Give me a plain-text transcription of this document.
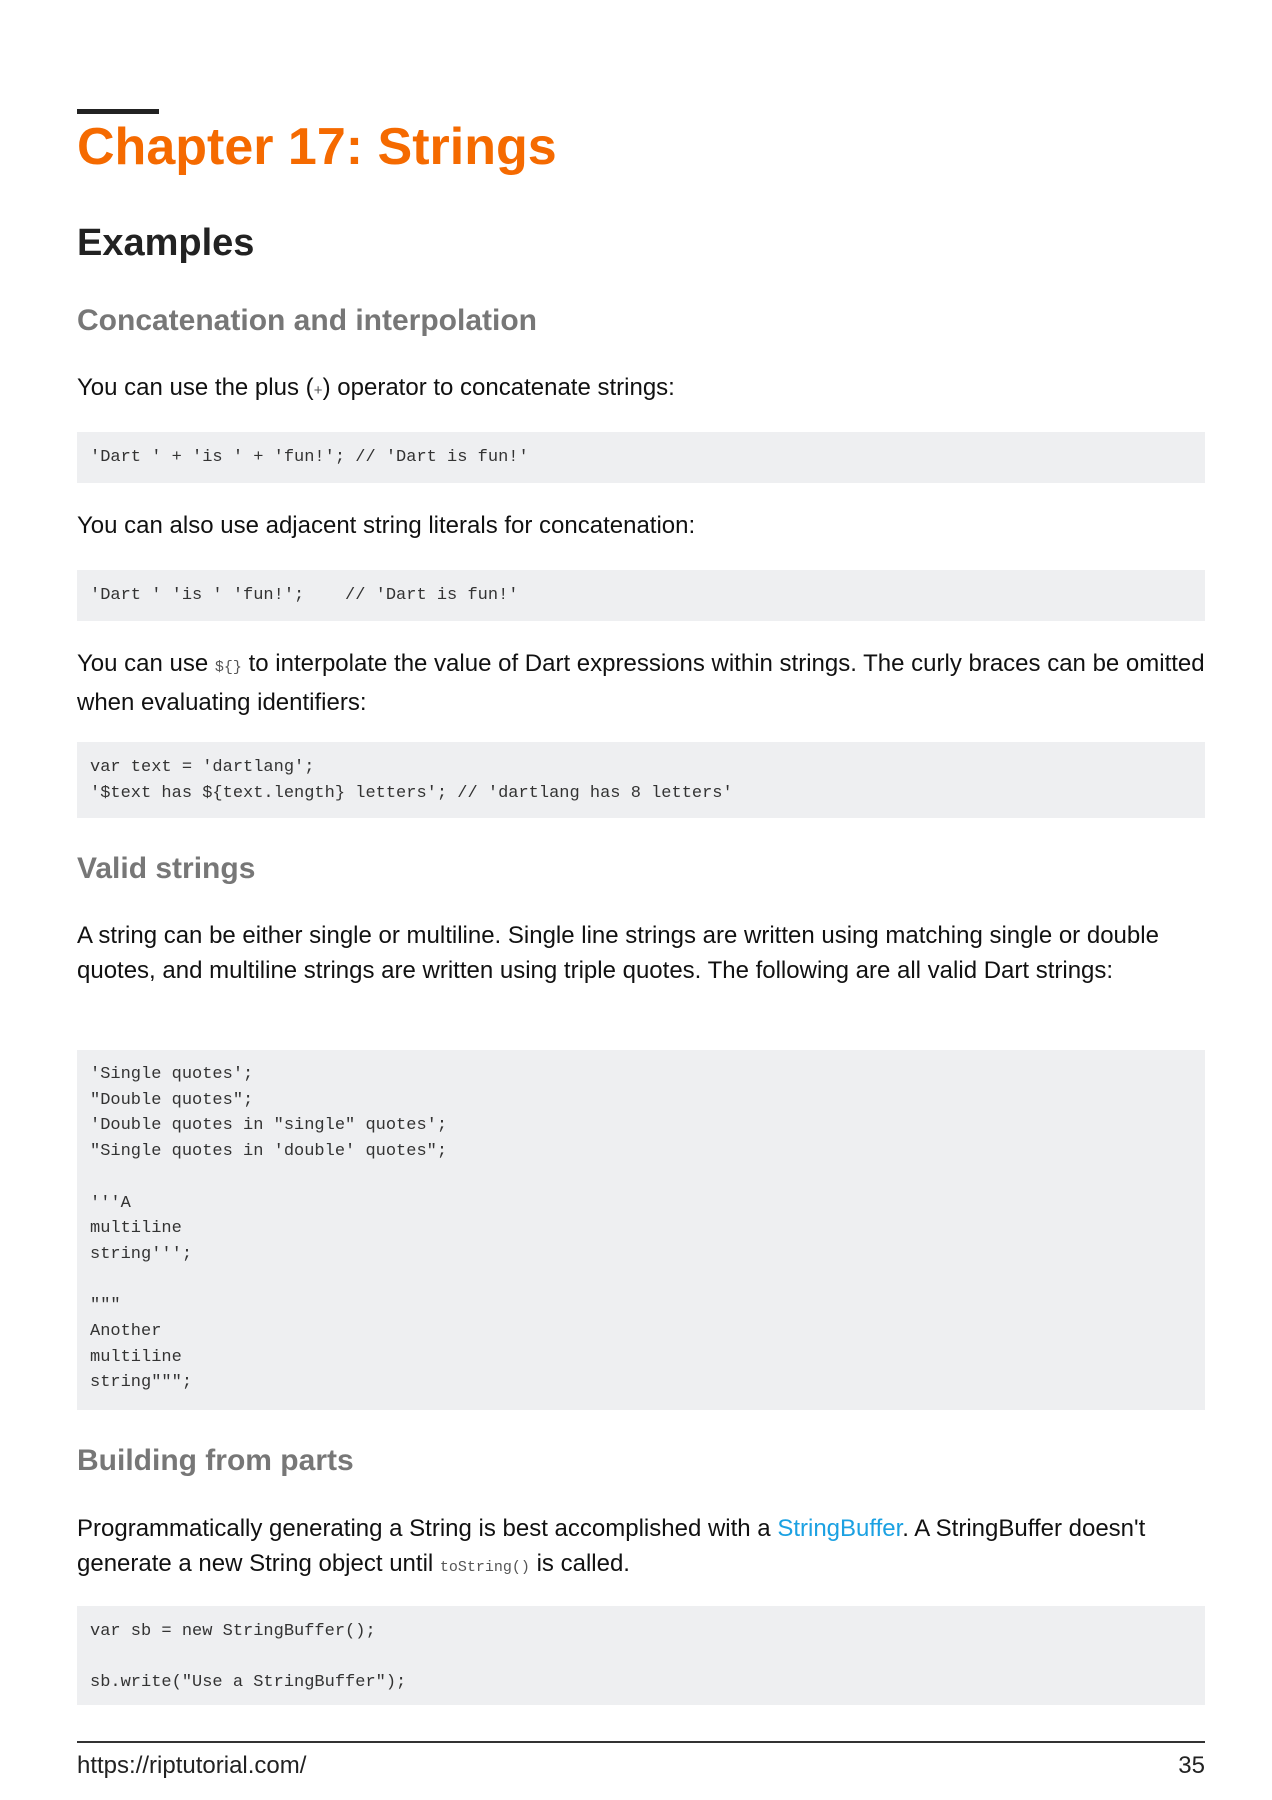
Chapter 17: Strings
Examples
Concatenation and interpolation

You can use the plus (+) operator to concatenate strings:

'Dart ' + 'is ' + 'fun!'; // 'Dart is fun!'

You can also use adjacent string literals for concatenation:

'Dart ' 'is ' 'fun!';    // 'Dart is fun!'

You can use ${} to interpolate the value of Dart expressions within strings. The curly braces can be omitted when evaluating identifiers:

var text = 'dartlang';
'$text has ${text.length} letters'; // 'dartlang has 8 letters'
Valid strings

A string can be either single or multiline. Single line strings are written using matching single or double quotes, and multiline strings are written using triple quotes. The following are all valid Dart strings:

'Single quotes';
"Double quotes";
'Double quotes in "single" quotes';
"Single quotes in 'double' quotes";

'''A
multiline
string''';

"""
Another
multiline
string""";
Building from parts

Programmatically generating a String is best accomplished with a StringBuffer. A StringBuffer doesn't generate a new String object until toString() is called.

var sb = new StringBuffer();

sb.write("Use a StringBuffer");
https://riptutorial.com/	35
